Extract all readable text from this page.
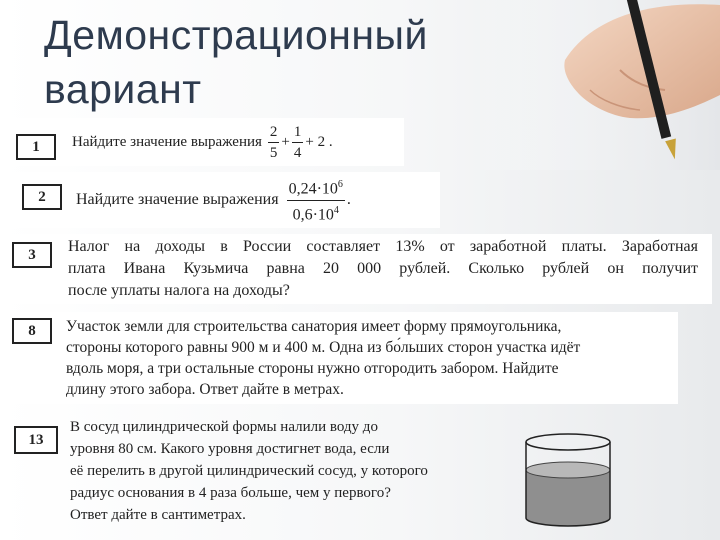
Демонстрационный
вариант
1	Найдите значение выражения $\frac{2}{5} + \frac{1}{4} + 2$ .
2	Найдите значение выражения $\frac{0,24\cdot 10^6}{0,6\cdot 10^4}$ .
3	Налог на доходы в России составляет 13% от заработной платы. Заработная
плата Ивана Кузьмича равна 20 000 рублей. Сколько рублей он получит
после уплаты налога на доходы?
8	Участок земли для строительства санатория имеет форму прямоугольника,
стороны которого равны 900 м и 400 м. Одна из бо́льших сторон участка идёт
вдоль моря, а три остальные стороны нужно отгородить забором. Найдите
длину этого забора. Ответ дайте в метрах.
13
В сосуд цилиндрической формы налили воду до
уровня 80 см. Какого уровня достигнет вода, если
её перелить в другой цилиндрический сосуд, у которого
радиус основания в 4 раза больше, чем у первого?
Ответ дайте в сантиметрах.
